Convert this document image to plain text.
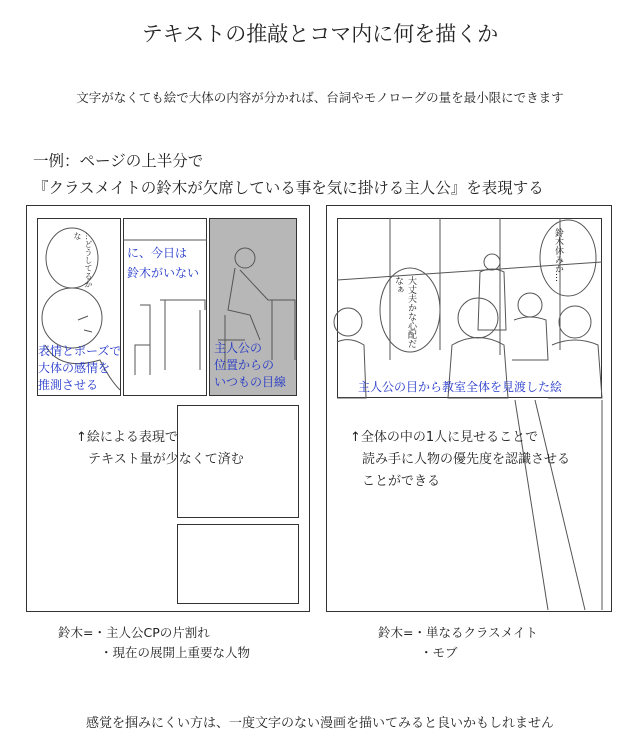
テキストの推敲とコマ内に何を描くか
文字がなくても絵で大体の内容が分かれば、台詞やモノローグの量を最小限にできます
一例：ページの上半分で
『クラスメイトの鈴木が欠席している事を気に掛ける主人公』を表現する
…どうしてるかな
表情とポーズで
大体の感情を
推測させる
に、今日は
鈴木がいない
主人公の
位置からの
いつもの目線
↑絵による表現で
テキスト量が少なくて済む
鈴木休みか…
大丈夫かな心配だなぁ
主人公の目から教室全体を見渡した絵
↑全体の中の1人に見せることで
読み手に人物の優先度を認識させる
ことができる
鈴木=・主人公CPの片割れ
・現在の展開上重要な人物
鈴木=・単なるクラスメイト
・モブ
感覚を掴みにくい方は、一度文字のない漫画を描いてみると良いかもしれません
